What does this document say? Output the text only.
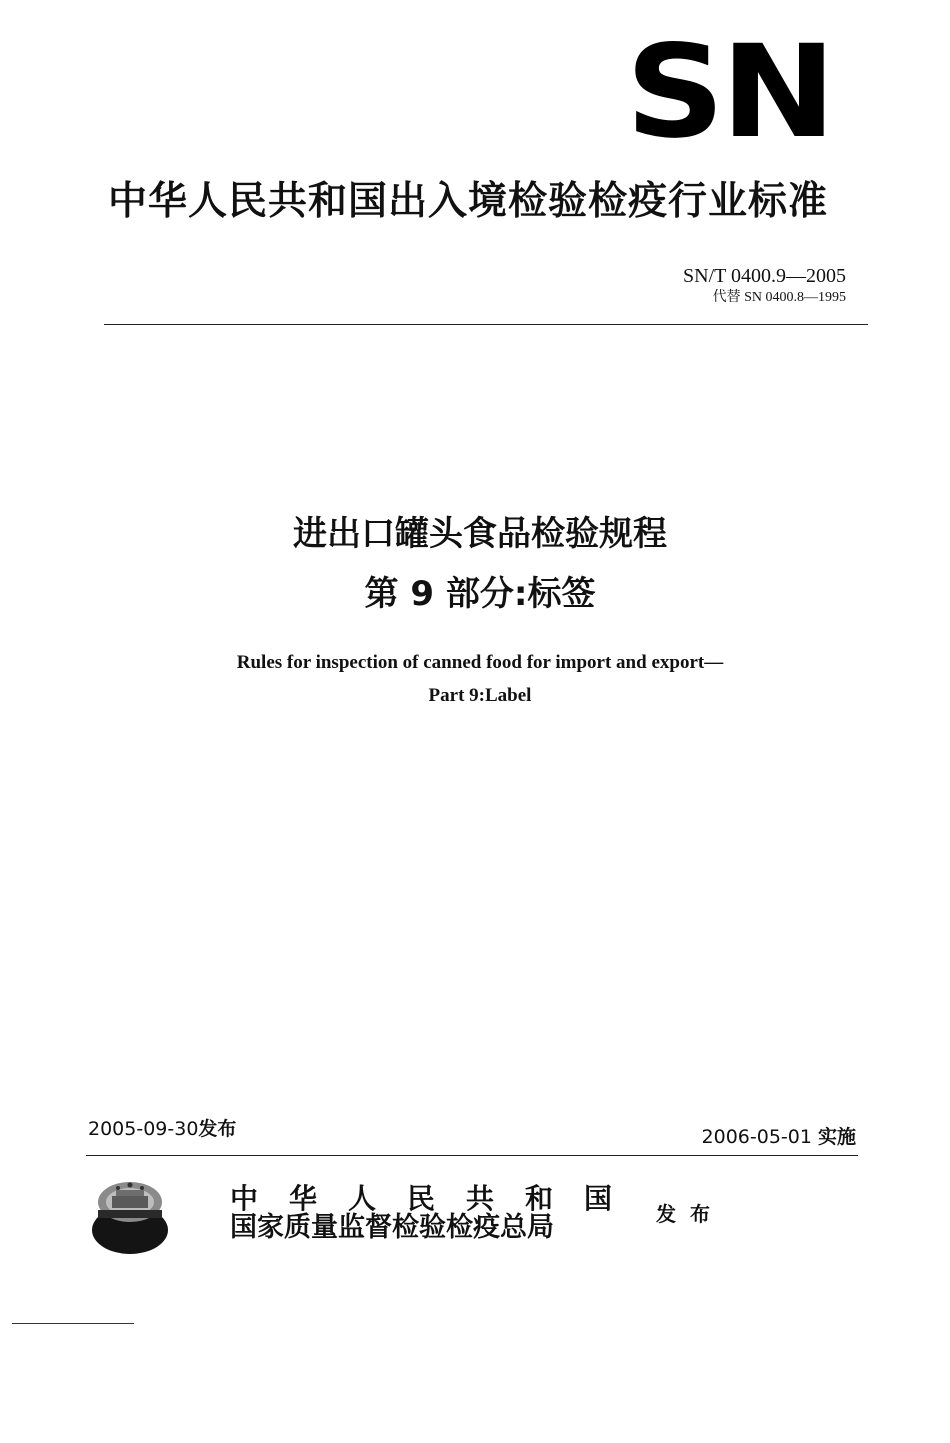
SN
中华人民共和国出入境检验检疫行业标准
SN/T 0400.9—2005
代替 SN 0400.8—1995
进出口罐头食品检验规程
第 9 部分:标签
Rules for inspection of canned food for import and export—
Part 9:Label
2005-09-30发布	2006-05-01 实施
中华人民共和国
国家质量监督检验检疫总局	发布
